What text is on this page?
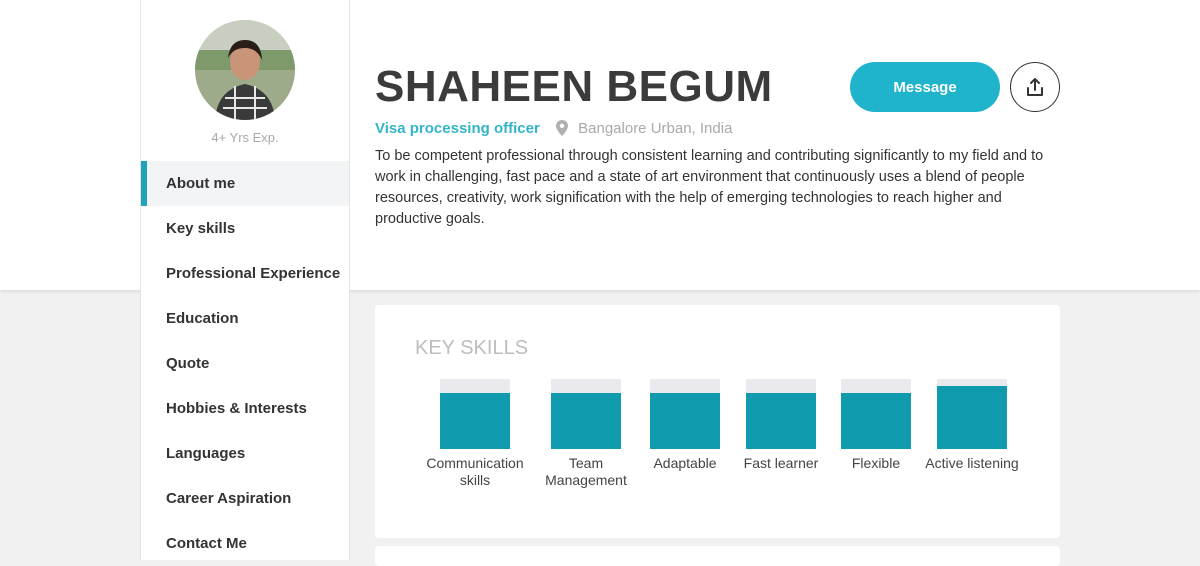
4+ Yrs Exp.
About me
Key skills
Professional Experience
Education
Quote
Hobbies & Interests
Languages
Career Aspiration
Contact Me
SHAHEEN BEGUM
Visa processing officer	Bangalore Urban, India

To be competent professional through consistent learning and contributing significantly to my field and to work in challenging, fast pace and a state of art environment that continuously uses a blend of people resources, creativity, work signification with the help of emerging technologies to reach higher and productive goals.

Message
KEY SKILLS
Communication skills
Team Management
Adaptable	Fast learner	Flexible	Active listening
